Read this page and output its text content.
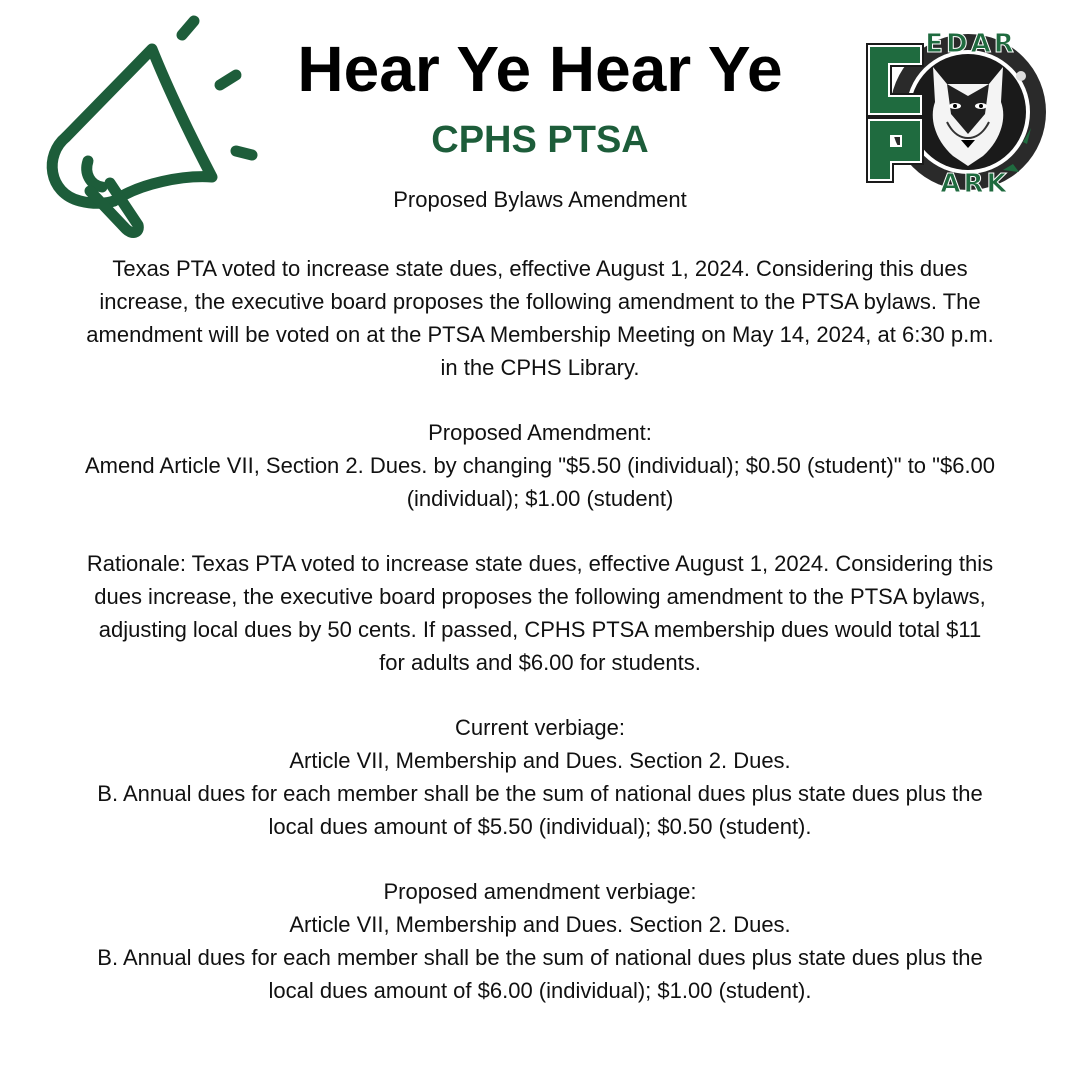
Hear Ye Hear Ye
CPHS PTSA
Proposed Bylaws Amendment
EDAR
ARK

Texas PTA voted to increase state dues, effective August 1, 2024. Considering this dues
increase, the executive board proposes the following amendment to the PTSA bylaws. The
amendment will be voted on at the PTSA Membership Meeting on May 14, 2024, at 6:30 p.m.
in the CPHS Library.

Proposed Amendment:
Amend Article VII, Section 2. Dues. by changing "$5.50 (individual); $0.50 (student)" to "$6.00
(individual); $1.00 (student)

Rationale: Texas PTA voted to increase state dues, effective August 1, 2024. Considering this
dues increase, the executive board proposes the following amendment to the PTSA bylaws,
adjusting local dues by 50 cents. If passed, CPHS PTSA membership dues would total $11
for adults and $6.00 for students.

Current verbiage:
Article VII, Membership and Dues. Section 2. Dues.
B. Annual dues for each member shall be the sum of national dues plus state dues plus the
local dues amount of $5.50 (individual); $0.50 (student).

Proposed amendment verbiage:
Article VII, Membership and Dues. Section 2. Dues.
B. Annual dues for each member shall be the sum of national dues plus state dues plus the
local dues amount of $6.00 (individual); $1.00 (student).
